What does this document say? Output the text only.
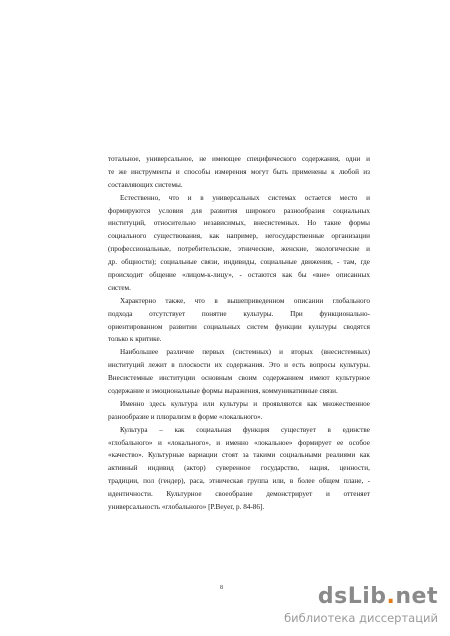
тотальное, универсальное, не имеющее специфического содержания, одни и
те же инструменты и способы измерения могут быть применены к любой из
составляющих системы.
Естественно, что и в универсальных системах остается место и
формируются условия для развития широкого разнообразия социальных
институций, относительно независимых, внесистемных. Но такие формы
социального существования, как например, негосударственные организации
(профессиональные, потребительские, этнические, женские, экологические и
др. общности); социальные связи, индивиды, социальные движения, - там, где
происходит общение «лицом-к-лицу», - остаются как бы «вне» описанных
систем.
Характерно также, что в вышеприведенном описании глобального
подхода отсутствует понятие культуры. При функционально-
ориентированном развитии социальных систем функции культуры сводятся
только к критике.
Наибольшее различие первых (системных) и вторых (внесистемных)
институций лежит в плоскости их содержания. Это и есть вопросы культуры.
Внесистемные институции основным своим содержанием имеют культурное
содержание и эмоциональные формы выражения, коммуникативные связи.
Именно здесь культура или культуры и проявляются как множественное
разнообразие и плюрализм в форме «локального».
Культура – как социальная функция существует в единстве
«глобального» и «локального», и именно «локальное» формирует ее особое
«качество». Культурные вариации стоят за такими социальными реалиями как
активный индивид (актор) суверенное государство, нация, ценности,
традиции, пол (гендер), раса, этническая группа или, в более общем плане, -
идентичности. Культурное своеобразие демонстрирует и оттеняет
универсальность «глобального» [P.Beyer, p. 84-86].
8	dsLib.net
библиотека диссертаций
